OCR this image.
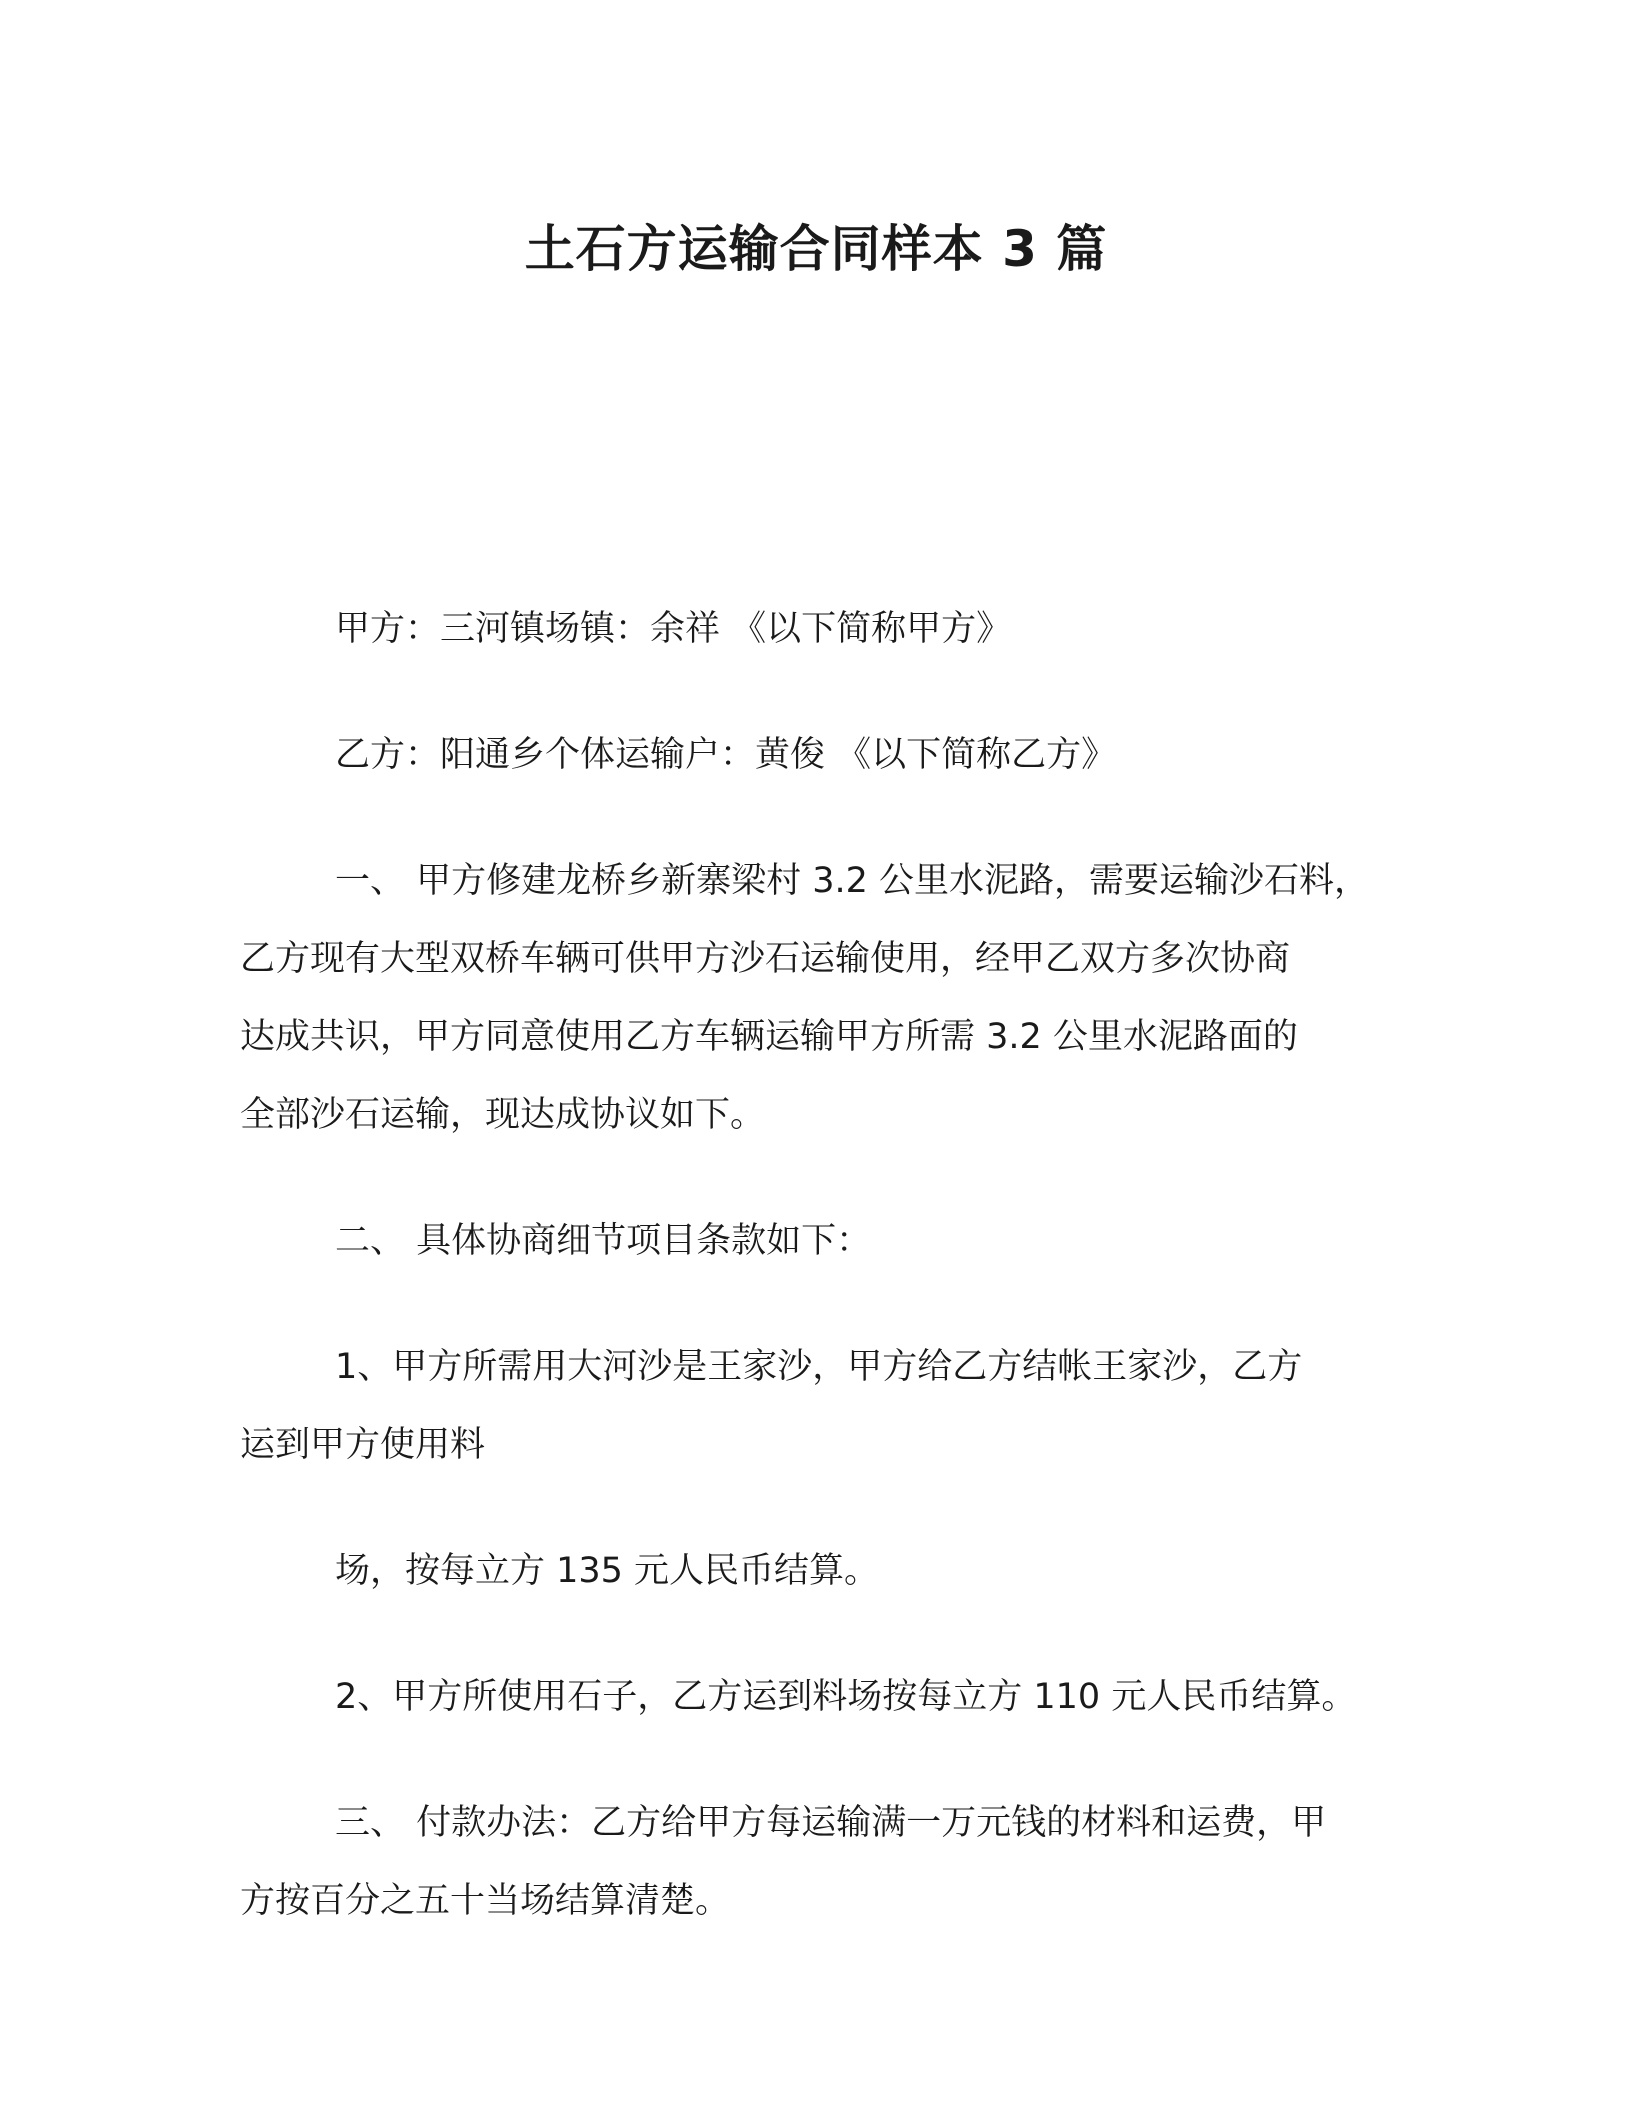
土石方运输合同样本 3 篇
甲方：三河镇场镇：余祥 《以下简称甲方》
乙方：阳通乡个体运输户：黄俊 《以下简称乙方》
一、 甲方修建龙桥乡新寨梁村 3.2 公里水泥路，需要运输沙石料，
乙方现有大型双桥车辆可供甲方沙石运输使用，经甲乙双方多次协商
达成共识，甲方同意使用乙方车辆运输甲方所需 3.2 公里水泥路面的
全部沙石运输，现达成协议如下。
二、 具体协商细节项目条款如下：
1、甲方所需用大河沙是王家沙，甲方给乙方结帐王家沙，乙方
运到甲方使用料
场，按每立方 135 元人民币结算。
2、甲方所使用石子，乙方运到料场按每立方 110 元人民币结算。
三、 付款办法：乙方给甲方每运输满一万元钱的材料和运费，甲
方按百分之五十当场结算清楚。
